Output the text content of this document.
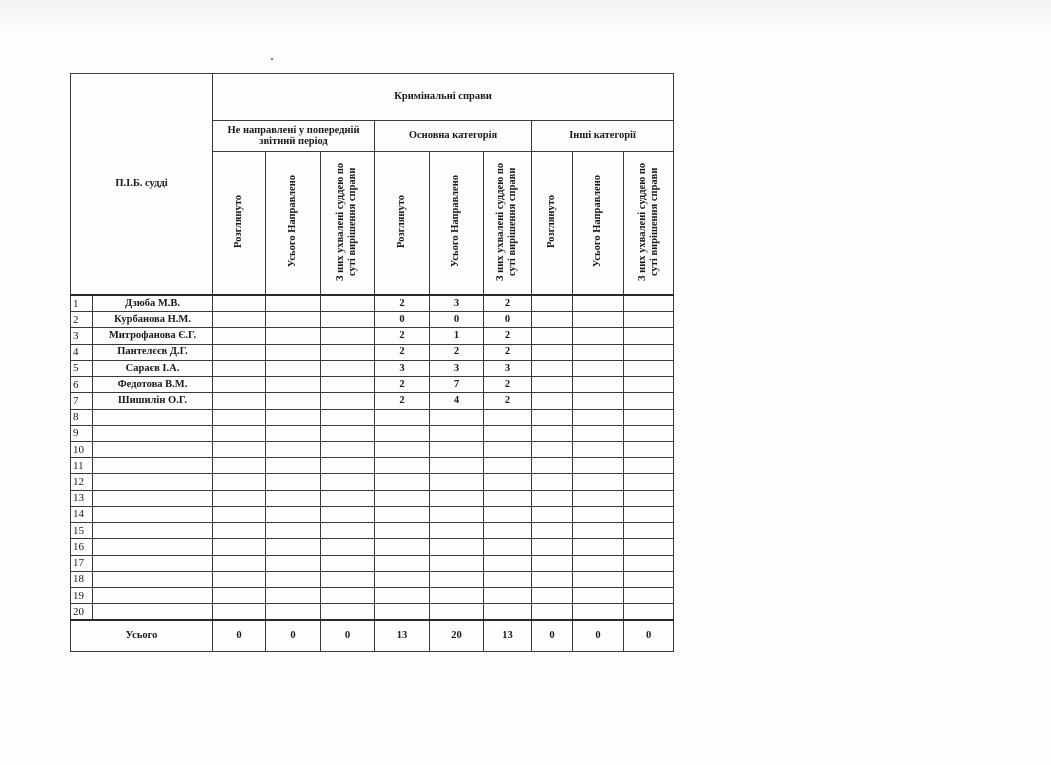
П.І.Б. судді		Кримінальні справи								
		Не направлені у попередній звітний період			Основна категорія			Інші категорії		
		Розглянуто	Усього Направлено	З них ухвалені суддею по суті вирішення справи	Розглянуто	Усього Направлено	З них ухвалені суддею по суті вирішення справи	Розглянуто	Усього Направлено	З них ухвалені суддею по суті вирішення справи
1	Дзюба М.В.				2	3	2			
2	Курбанова Н.М.				0	0	0			
3	Митрофанова Є.Г.				2	1	2			
4	Пантелєєв Д.Г.				2	2	2			
5	Сараєв І.А.				3	3	3			
6	Федотова В.М.				2	7	2			
7	Шишилін О.Г.				2	4	2			
8										
9										
10										
11										
12										
13										
14										
15										
16										
17										
18										
19										
20										
Усього		0	0	0	13	20	13	0	0	0
